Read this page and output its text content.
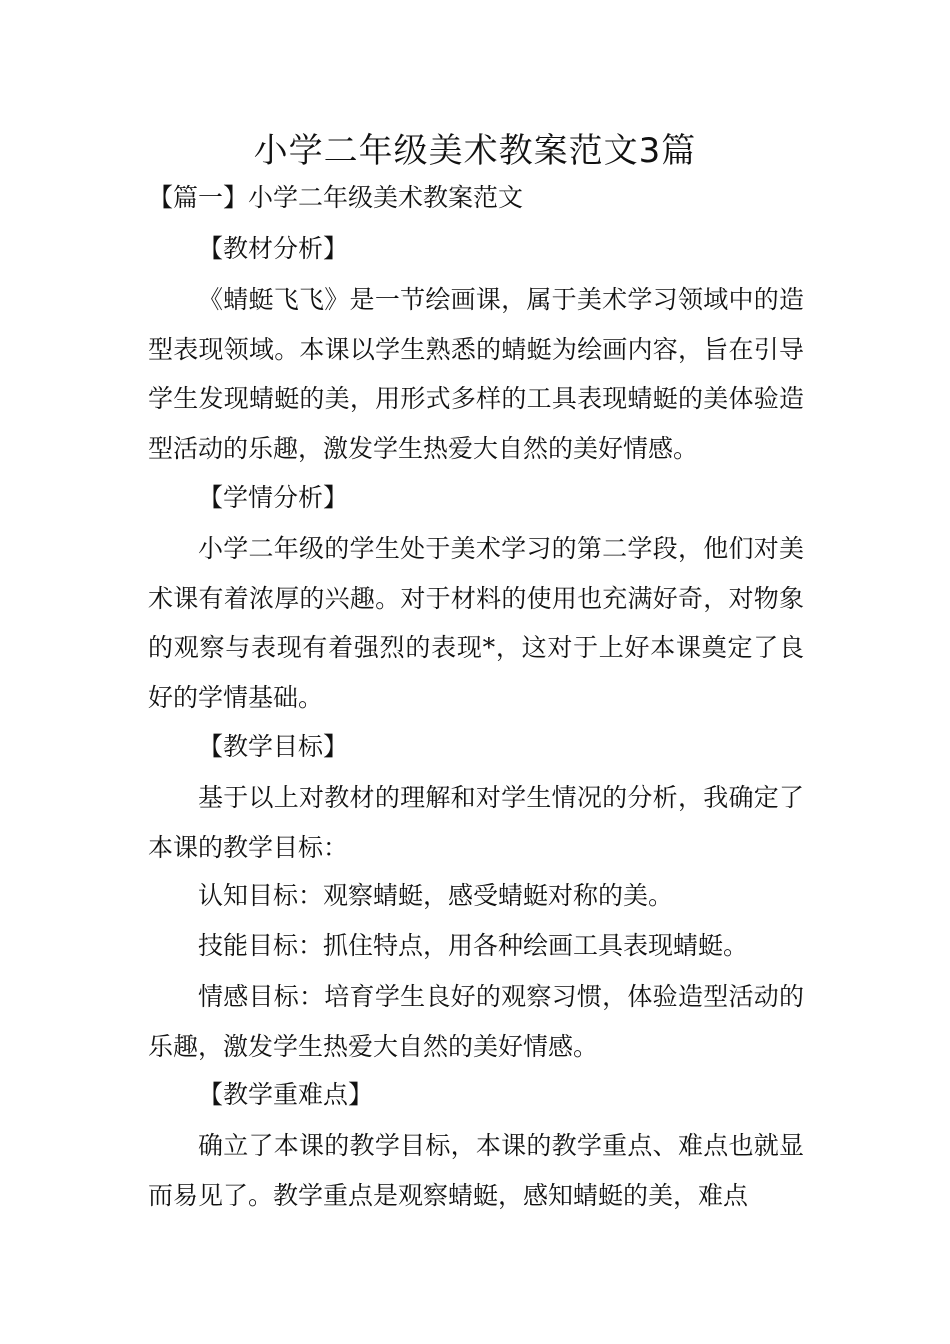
小学二年级美术教案范文3篇
【篇一】小学二年级美术教案范文
【教材分析】
《蜻蜓飞飞》是一节绘画课，属于美术学习领域中的造型表现领域。本课以学生熟悉的蜻蜓为绘画内容，旨在引导学生发现蜻蜓的美，用形式多样的工具表现蜻蜓的美体验造型活动的乐趣，激发学生热爱大自然的美好情感。
【学情分析】
小学二年级的学生处于美术学习的第二学段，他们对美术课有着浓厚的兴趣。对于材料的使用也充满好奇，对物象的观察与表现有着强烈的表现*，这对于上好本课奠定了良好的学情基础。
【教学目标】
基于以上对教材的理解和对学生情况的分析，我确定了本课的教学目标：
认知目标：观察蜻蜓，感受蜻蜓对称的美。
技能目标：抓住特点，用各种绘画工具表现蜻蜓。
情感目标：培育学生良好的观察习惯，体验造型活动的乐趣，激发学生热爱大自然的美好情感。
【教学重难点】
确立了本课的教学目标，本课的教学重点、难点也就显而易见了。教学重点是观察蜻蜓，感知蜻蜓的美，难点
